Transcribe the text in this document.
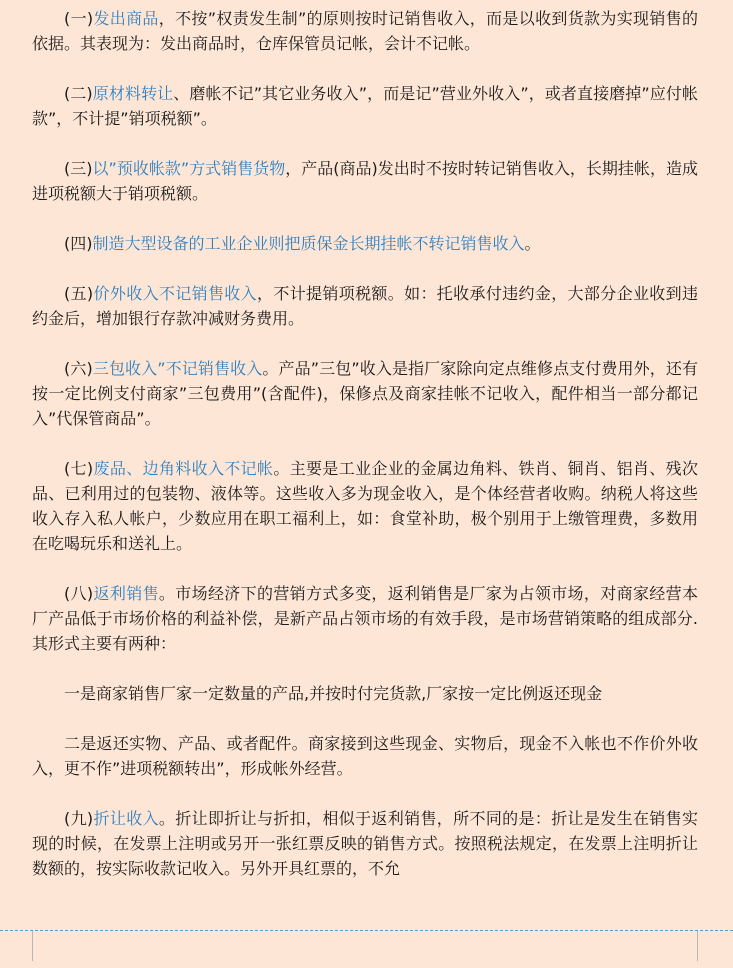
(一)发出商品，不按”权责发生制”的原则按时记销售收入，而是以收到货款为实现销售的依据。其表现为：发出商品时，仓库保管员记帐，会计不记帐。

(二)原材料转让、磨帐不记”其它业务收入”，而是记”营业外收入”，或者直接磨掉”应付帐款”，不计提”销项税额”。

(三)以”预收帐款”方式销售货物，产品(商品)发出时不按时转记销售收入，长期挂帐，造成进项税额大于销项税额。

(四)制造大型设备的工业企业则把质保金长期挂帐不转记销售收入。

(五)价外收入不记销售收入，不计提销项税额。如：托收承付违约金，大部分企业收到违约金后，增加银行存款冲减财务费用。

(六)三包收入”不记销售收入。产品”三包”收入是指厂家除向定点维修点支付费用外，还有按一定比例支付商家”三包费用”(含配件)，保修点及商家挂帐不记收入，配件相当一部分都记入”代保管商品”。

(七)废品、边角料收入不记帐。主要是工业企业的金属边角料、铁肖、铜肖、铝肖、残次品、已利用过的包装物、液体等。这些收入多为现金收入，是个体经营者收购。纳税人将这些收入存入私人帐户，少数应用在职工福利上，如：食堂补助，极个别用于上缴管理费，多数用在吃喝玩乐和送礼上。

(八)返利销售。市场经济下的营销方式多变，返利销售是厂家为占领市场，对商家经营本厂产品低于市场价格的利益补偿，是新产品占领市场的有效手段，是市场营销策略的组成部分.其形式主要有两种：

一是商家销售厂家一定数量的产品,并按时付完货款,厂家按一定比例返还现金

二是返还实物、产品、或者配件。商家接到这些现金、实物后，现金不入帐也不作价外收入，更不作”进项税额转出”，形成帐外经营。

(九)折让收入。折让即折让与折扣，相似于返利销售，所不同的是：折让是发生在销售实现的时候，在发票上注明或另开一张红票反映的销售方式。按照税法规定，在发票上注明折让数额的，按实际收款记收入。另外开具红票的，不允
